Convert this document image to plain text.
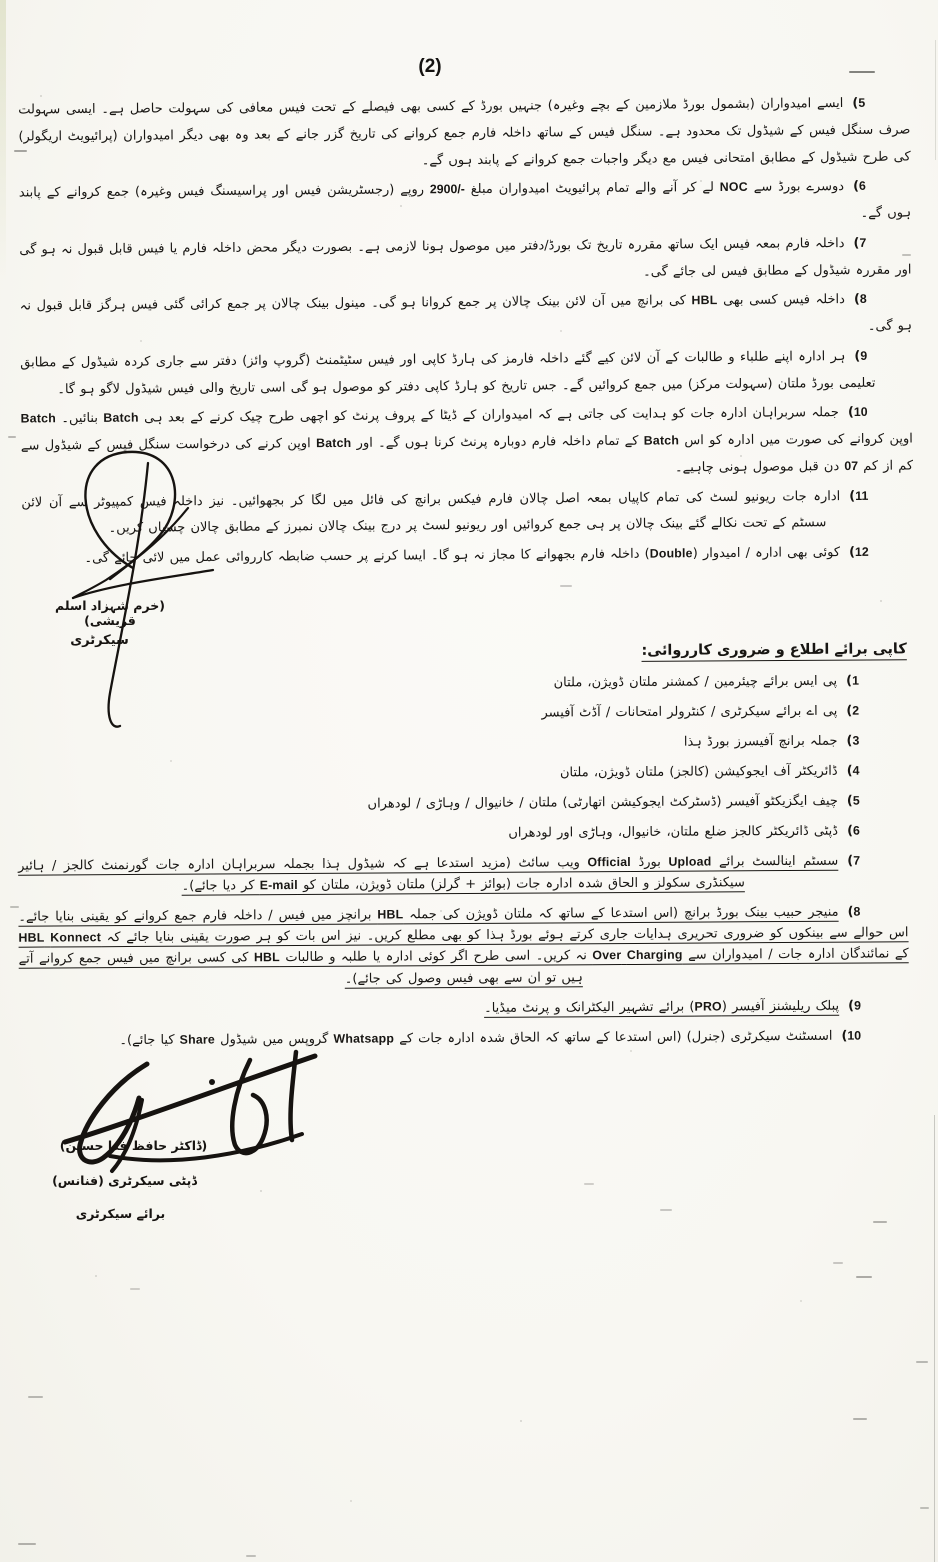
(2)
5)ایسے امیدواران (بشمول بورڈ ملازمین کے بچے وغیرہ) جنہیں بورڈ کے کسی بھی فیصلے کے تحت فیس معافی کی سہولت حاصل ہے۔ ایسی سہولت صرف سنگل فیس کے شیڈول تک محدود ہے۔ سنگل فیس کے ساتھ داخلہ فارم جمع کروانے کی تاریخ گزر جانے کے بعد وہ بھی دیگر امیدواران (پرائیویٹ اریگولر) کی طرح شیڈول کے مطابق امتحانی فیس مع دیگر واجبات جمع کروانے کے پابند ہوں گے۔
6)دوسرے بورڈ سے NOC لے کر آنے والے تمام پرائیویٹ امیدواران مبلغ 2900/- روپے (رجسٹریشن فیس اور پراسیسنگ فیس وغیرہ) جمع کروانے کے پابند ہوں گے۔
7)داخلہ فارم بمعہ فیس ایک ساتھ مقررہ تاریخ تک بورڈ/دفتر میں موصول ہونا لازمی ہے۔ بصورت دیگر محض داخلہ فارم یا فیس قابل قبول نہ ہو گی اور مقررہ شیڈول کے مطابق فیس لی جائے گی۔
8)داخلہ فیس کسی بھی HBL کی برانچ میں آن لائن بینک چالان پر جمع کروانا ہو گی۔ مینول بینک چالان پر جمع کرائی گئی فیس ہرگز قابل قبول نہ ہو گی۔
9)ہر ادارہ اپنے طلباء و طالبات کے آن لائن کیے گئے داخلہ فارمز کی ہارڈ کاپی اور فیس سٹیٹمنٹ (گروپ وائز) دفتر سے جاری کردہ شیڈول کے مطابق تعلیمی بورڈ ملتان (سہولت مرکز) میں جمع کروائیں گے۔ جس تاریخ کو ہارڈ کاپی دفتر کو موصول ہو گی اسی تاریخ والی فیس شیڈول لاگو ہو گا۔
10)جملہ سربراہان ادارہ جات کو ہدایت کی جاتی ہے کہ امیدواران کے ڈیٹا کے پروف پرنٹ کو اچھی طرح چیک کرنے کے بعد ہی Batch بنائیں۔ Batch اوپن کروانے کی صورت میں ادارہ کو اس Batch کے تمام داخلہ فارم دوبارہ پرنٹ کرنا ہوں گے۔ اور Batch اوپن کرنے کی درخواست سنگل فیس کے شیڈول سے کم از کم 07 دن قبل موصول ہونی چاہیے۔
11)ادارہ جات ریونیو لسٹ کی تمام کاپیاں بمعہ اصل چالان فارم فیکس برانچ کی فائل میں لگا کر بجھوائیں۔ نیز داخلہ فیس کمپیوٹر سے آن لائن سسٹم کے تحت نکالے گئے بینک چالان پر ہی جمع کروائیں اور ریونیو لسٹ پر درج بینک چالان نمبرز کے مطابق چالان چسپاں کریں۔
12)کوئی بھی ادارہ / امیدوار (Double) داخلہ فارم بجھوانے کا مجاز نہ ہو گا۔ ایسا کرنے پر حسب ضابطہ کارروائی عمل میں لائی جائے گی۔
(خرم شہزاد اسلم قریشی)
سیکرٹری
کاپی برائے اطلاع و ضروری کارروائی:
1)پی ایس برائے چیئرمین / کمشنر ملتان ڈویژن، ملتان
2)پی اے برائے سیکرٹری / کنٹرولر امتحانات / آڈٹ آفیسر
3)جملہ برانچ آفیسرز بورڈ ہذا
4)ڈائریکٹر آف ایجوکیشن (کالجز) ملتان ڈویژن، ملتان
5)چیف ایگزیکٹو آفیسر (ڈسٹرکٹ ایجوکیشن اتھارٹی) ملتان / خانیوال / وہاڑی / لودھراں
6)ڈپٹی ڈائریکٹر کالجز ضلع ملتان، خانیوال، وہاڑی اور لودھراں
7)سسٹم اینالسٹ برائے Upload بورڈ Official ویب سائٹ (مزید استدعا ہے کہ شیڈول ہذا بجملہ سربراہان ادارہ جات گورنمنٹ کالجز / ہائیر سیکنڈری سکولز و الحاق شدہ ادارہ جات (بوائز + گرلز) ملتان ڈویژن، ملتان کو E-mail کر دیا جائے)۔
8)منیجر حبیب بینک بورڈ برانچ (اس استدعا کے ساتھ کہ ملتان ڈویژن کی جملہ HBL برانچز میں فیس / داخلہ فارم جمع کروانے کو یقینی بنایا جائے۔ اس حوالے سے بینکوں کو ضروری تحریری ہدایات جاری کرتے ہوئے بورڈ ہذا کو بھی مطلع کریں۔ نیز اس بات کو ہر صورت یقینی بنایا جائے کہ HBL Konnect کے نمائندگان ادارہ جات / امیدواران سے Over Charging نہ کریں۔ اسی طرح اگر کوئی ادارہ یا طلبہ و طالبات HBL کی کسی برانچ میں فیس جمع کروانے آتے ہیں تو ان سے بھی فیس وصول کی جائے)۔
9)پبلک ریلیشنز آفیسر (PRO) برائے تشہیر الیکٹرانک و پرنٹ میڈیا۔
10)اسسٹنٹ سیکرٹری (جنرل) (اس استدعا کے ساتھ کہ الحاق شدہ ادارہ جات کے Whatsapp گروپس میں شیڈول Share کیا جائے)۔
(ڈاکٹر حافظ فدا حسین)
ڈپٹی سیکرٹری (فنانس)
برائے سیکرٹری
